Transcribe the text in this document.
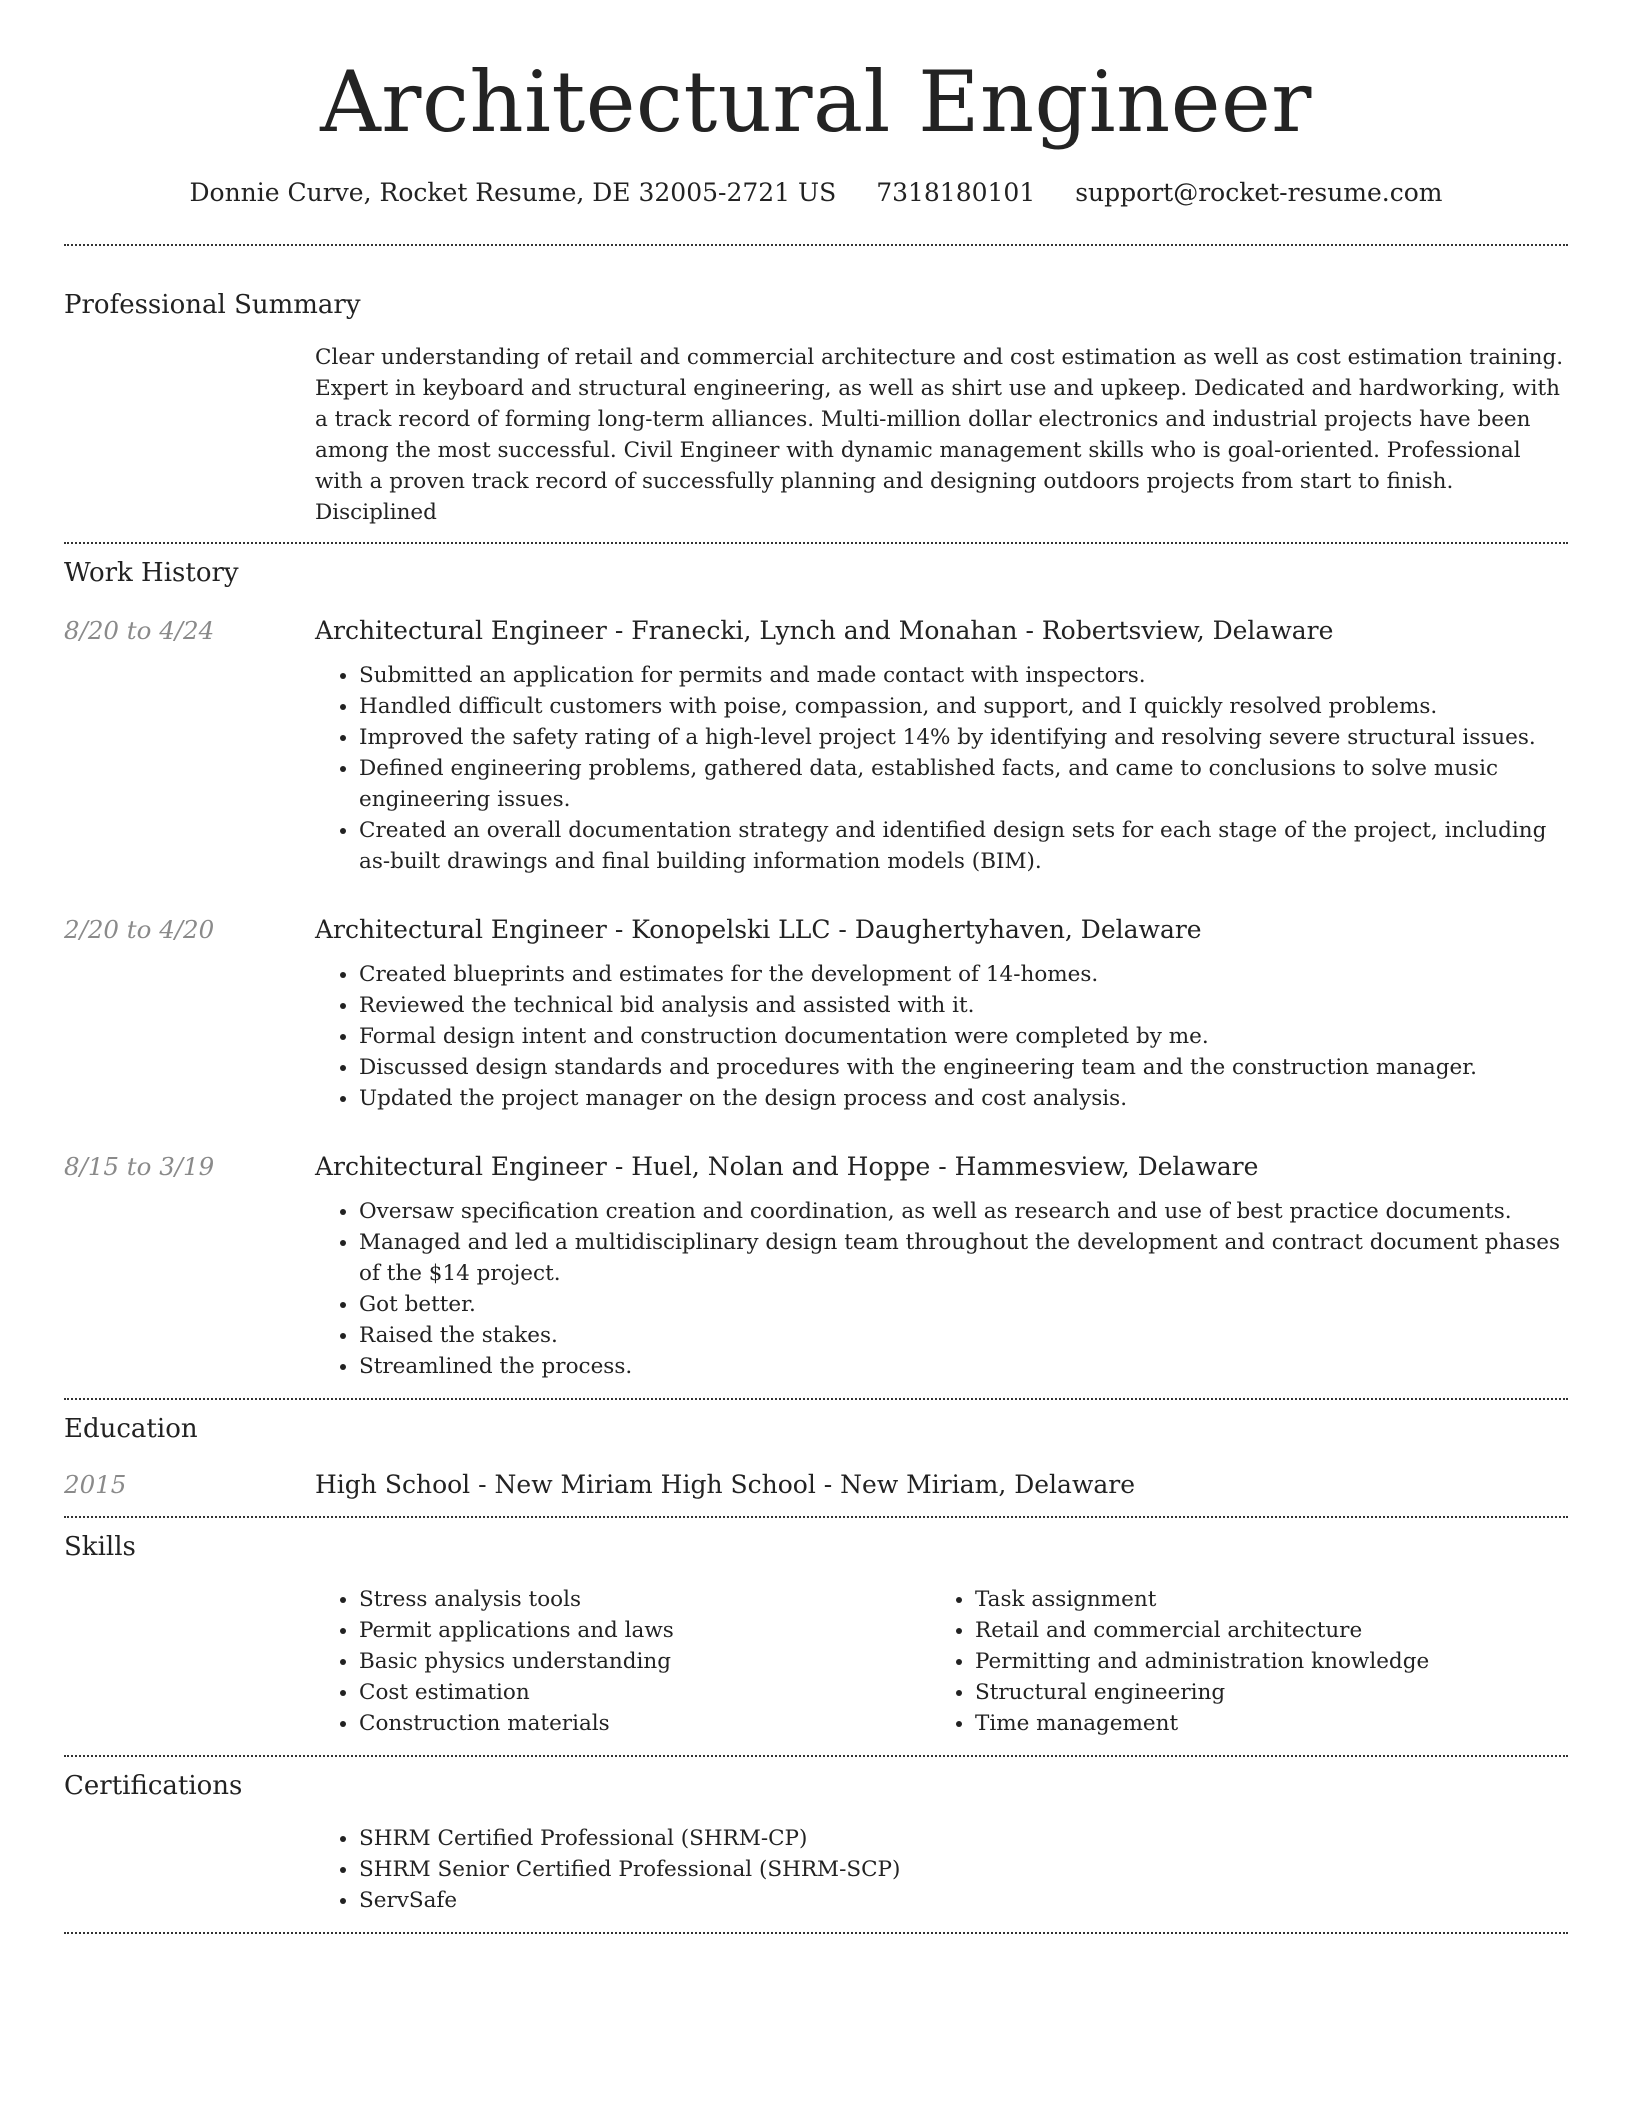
Architectural Engineer
Donnie Curve, Rocket Resume, DE 32005-2721 US 7318180101 support@rocket-resume.com
Professional Summary
Clear understanding of retail and commercial architecture and cost estimation as well as cost estimation training. Expert in keyboard and structural engineering, as well as shirt use and upkeep. Dedicated and hardworking, with a track record of forming long-term alliances. Multi-million dollar electronics and industrial projects have been among the most successful. Civil Engineer with dynamic management skills who is goal-oriented. Professional with a proven track record of successfully planning and designing outdoors projects from start to finish. Disciplined
Work History
8/20 to 4/24	Architectural Engineer - Franecki, Lynch and Monahan - Robertsview, Delaware
• Submitted an application for permits and made contact with inspectors.
• Handled difficult customers with poise, compassion, and support, and I quickly resolved problems.
• Improved the safety rating of a high-level project 14% by identifying and resolving severe structural issues.
• Defined engineering problems, gathered data, established facts, and came to conclusions to solve music engineering issues.
• Created an overall documentation strategy and identified design sets for each stage of the project, including as-built drawings and final building information models (BIM).
2/20 to 4/20	Architectural Engineer - Konopelski LLC - Daughertyhaven, Delaware
• Created blueprints and estimates for the development of 14-homes.
• Reviewed the technical bid analysis and assisted with it.
• Formal design intent and construction documentation were completed by me.
• Discussed design standards and procedures with the engineering team and the construction manager.
• Updated the project manager on the design process and cost analysis.
8/15 to 3/19	Architectural Engineer - Huel, Nolan and Hoppe - Hammesview, Delaware
• Oversaw specification creation and coordination, as well as research and use of best practice documents.
• Managed and led a multidisciplinary design team throughout the development and contract document phases of the $14 project.
• Got better.
• Raised the stakes.
• Streamlined the process.
Education
2015	High School - New Miriam High School - New Miriam, Delaware
Skills
• Stress analysis tools
• Permit applications and laws
• Basic physics understanding
• Cost estimation
• Construction materials
• Task assignment
• Retail and commercial architecture
• Permitting and administration knowledge
• Structural engineering
• Time management
Certifications
• SHRM Certified Professional (SHRM-CP)
• SHRM Senior Certified Professional (SHRM-SCP)
• ServSafe
